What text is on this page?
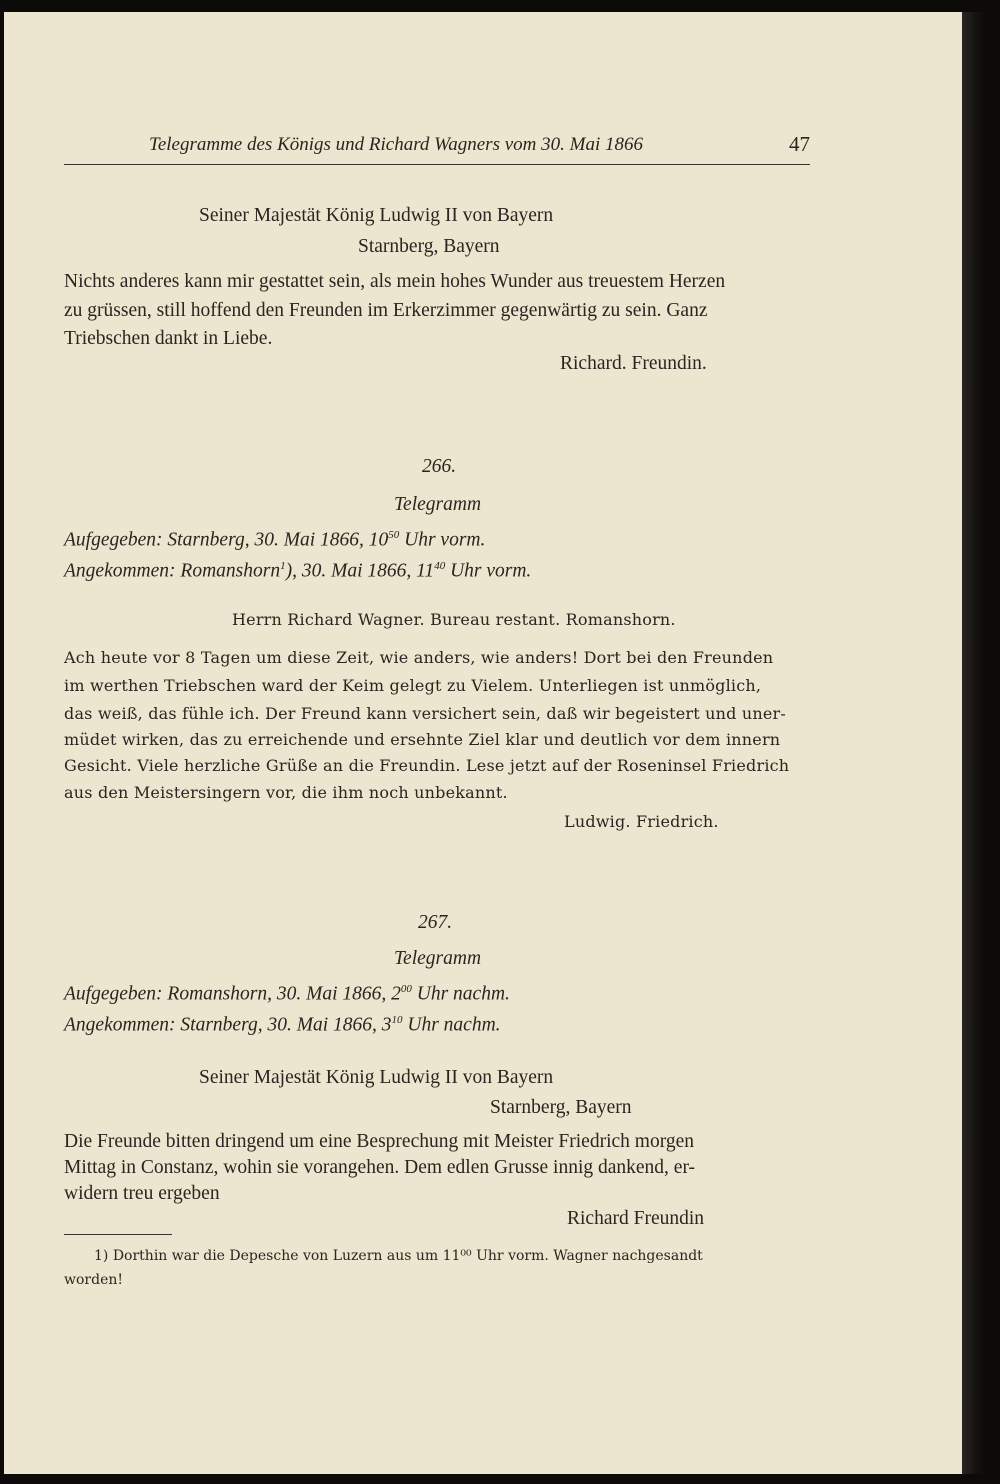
Telegramme des Königs und Richard Wagners vom 30. Mai 1866	47
Seiner Majestät König Ludwig II von Bayern
Starnberg, Bayern
Nichts anderes kann mir gestattet sein, als mein hohes Wunder aus treuestem Herzen
zu grüssen, still hoffend den Freunden im Erkerzimmer gegenwärtig zu sein. Ganz
Triebschen dankt in Liebe.
Richard. Freundin.
266.
Telegramm
Aufgegeben: Starnberg, 30. Mai 1866, $10^{50}$ Uhr vorm.
Angekommen: Romanshorn$^1$), 30. Mai 1866, $11^{40}$ Uhr vorm.
Herrn Richard Wagner. Bureau restant. Romanshorn.
Ach heute vor 8 Tagen um diese Zeit, wie anders, wie anders! Dort bei den Freunden
im werthen Triebschen ward der Keim gelegt zu Vielem. Unterliegen ist unmöglich,
das weiß, das fühle ich. Der Freund kann versichert sein, daß wir begeistert und uner-
müdet wirken, das zu erreichende und ersehnte Ziel klar und deutlich vor dem innern
Gesicht. Viele herzliche Grüße an die Freundin. Lese jetzt auf der Roseninsel Friedrich
aus den Meistersingern vor, die ihm noch unbekannt.
Ludwig. Friedrich.
267.
Telegramm
Aufgegeben: Romanshorn, 30. Mai 1866, $2^{00}$ Uhr nachm.
Angekommen: Starnberg, 30. Mai 1866, $3^{10}$ Uhr nachm.
Seiner Majestät König Ludwig II von Bayern
Starnberg, Bayern
Die Freunde bitten dringend um eine Besprechung mit Meister Friedrich morgen
Mittag in Constanz, wohin sie vorangehen. Dem edlen Grusse innig dankend, er-
widern treu ergeben
Richard Freundin
1) Dorthin war die Depesche von Luzern aus um 11⁰⁰ Uhr vorm. Wagner nachgesandt
worden!
